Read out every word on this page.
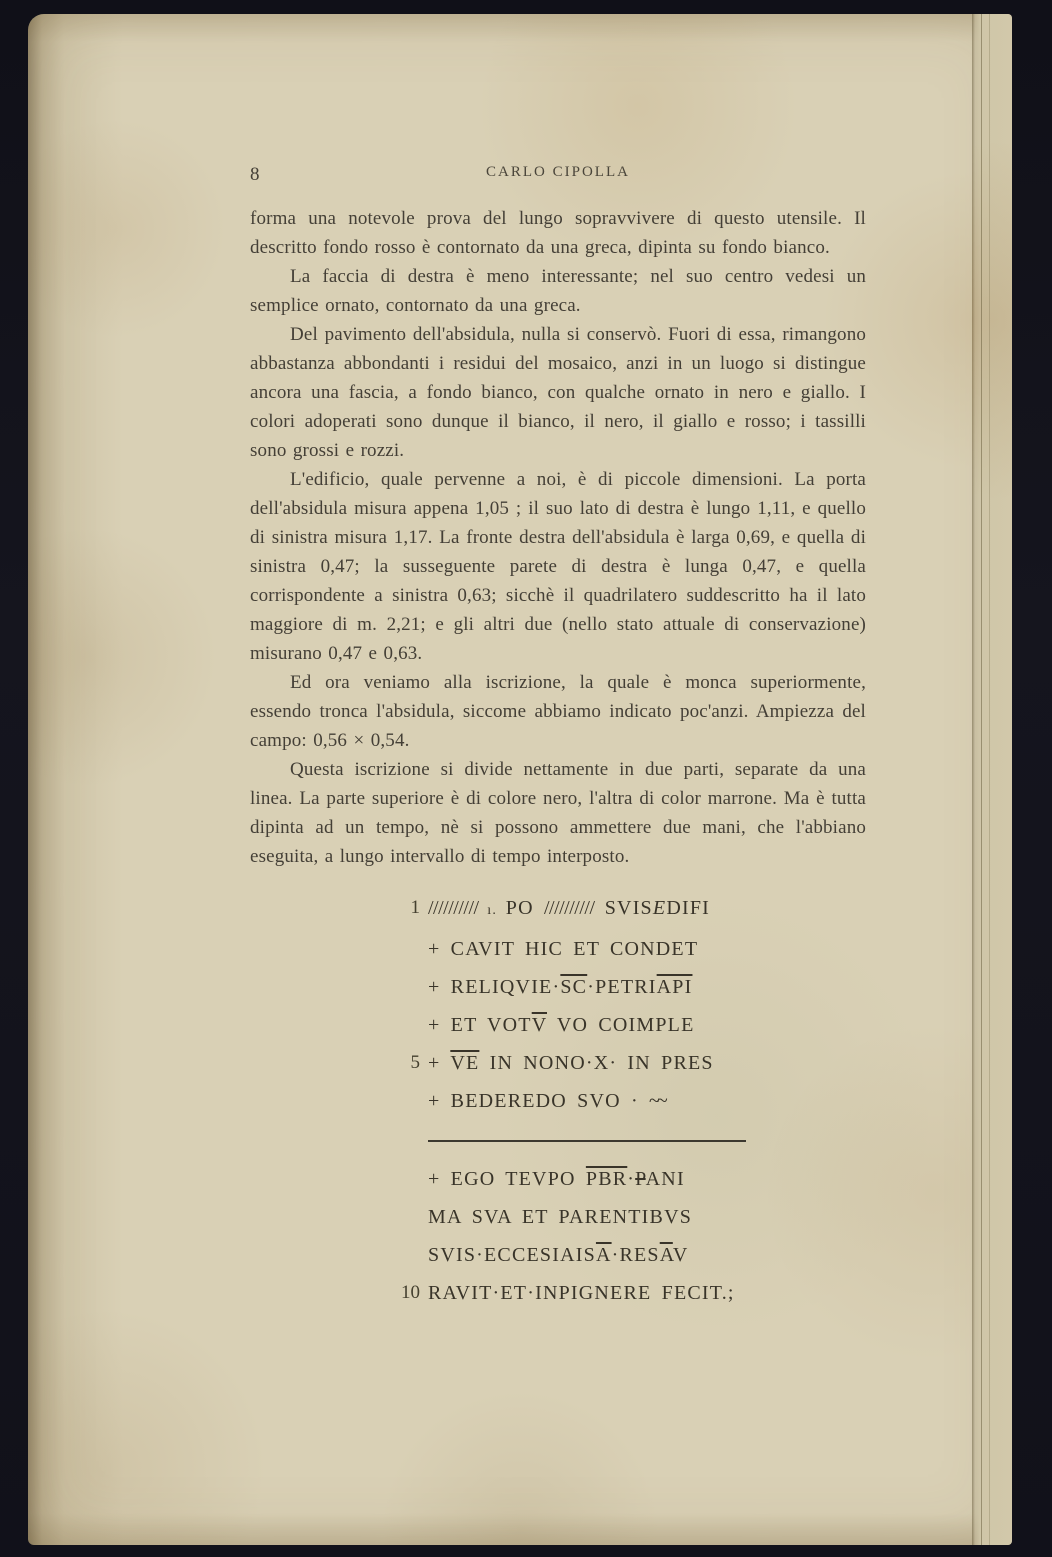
8	CARLO CIPOLLA

forma una notevole prova del lungo sopravvivere di questo utensile. Il descritto fondo rosso è contornato da una greca, dipinta su fondo bianco.

La faccia di destra è meno interessante; nel suo centro vedesi un semplice ornato, contornato da una greca.

Del pavimento dell'absidula, nulla si conservò. Fuori di essa, rimangono abbastanza abbondanti i residui del mosaico, anzi in un luogo si distingue ancora una fascia, a fondo bianco, con qualche ornato in nero e giallo. I colori adoperati sono dunque il bianco, il nero, il giallo e rosso; i tassilli sono grossi e rozzi.

L'edificio, quale pervenne a noi, è di piccole dimensioni. La porta dell'absidula misura appena 1,05 ; il suo lato di destra è lungo 1,11, e quello di sinistra misura 1,17. La fronte destra dell'absidula è larga 0,69, e quella di sinistra 0,47; la susseguente parete di destra è lunga 0,47, e quella corrispondente a sinistra 0,63; sicchè il quadrilatero suddescritto ha il lato maggiore di m. 2,21; e gli altri due (nello stato attuale di conservazione) misurano 0,47 e 0,63.

Ed ora veniamo alla iscrizione, la quale è monca superiormente, essendo tronca l'absidula, siccome abbiamo indicato poc'anzi. Ampiezza del campo: 0,56 × 0,54.

Questa iscrizione si divide nettamente in due parti, separate da una linea. La parte superiore è di colore nero, l'altra di color marrone. Ma è tutta dipinta ad un tempo, nè si possono ammettere due mani, che l'abbiano eseguita, a lungo intervallo di tempo interposto.

1 ////////// ı. PO ////////// SVISEDIFI
+ CAVIT HIC ET CONDET
+ $RELIQVIE\cdot\overline{SC}\cdot PETRI\overline{API}$
+ ET $VOT\overline{V}$ VO COIMPLE
$5 + \overline{VE}$ IN NONO·X· IN PRES
+ BEDEREDO SVO · ~~
+ EGO TEVPO $\overline{PBR}\cdot PANI$
MA SVA ET PARENTIBVS
$SVIS\cdot ECCESIAIS\overline{A}\cdot RES\overline{A}V$
10 RAVIT·ET·INPIGNERE FECIT.;
